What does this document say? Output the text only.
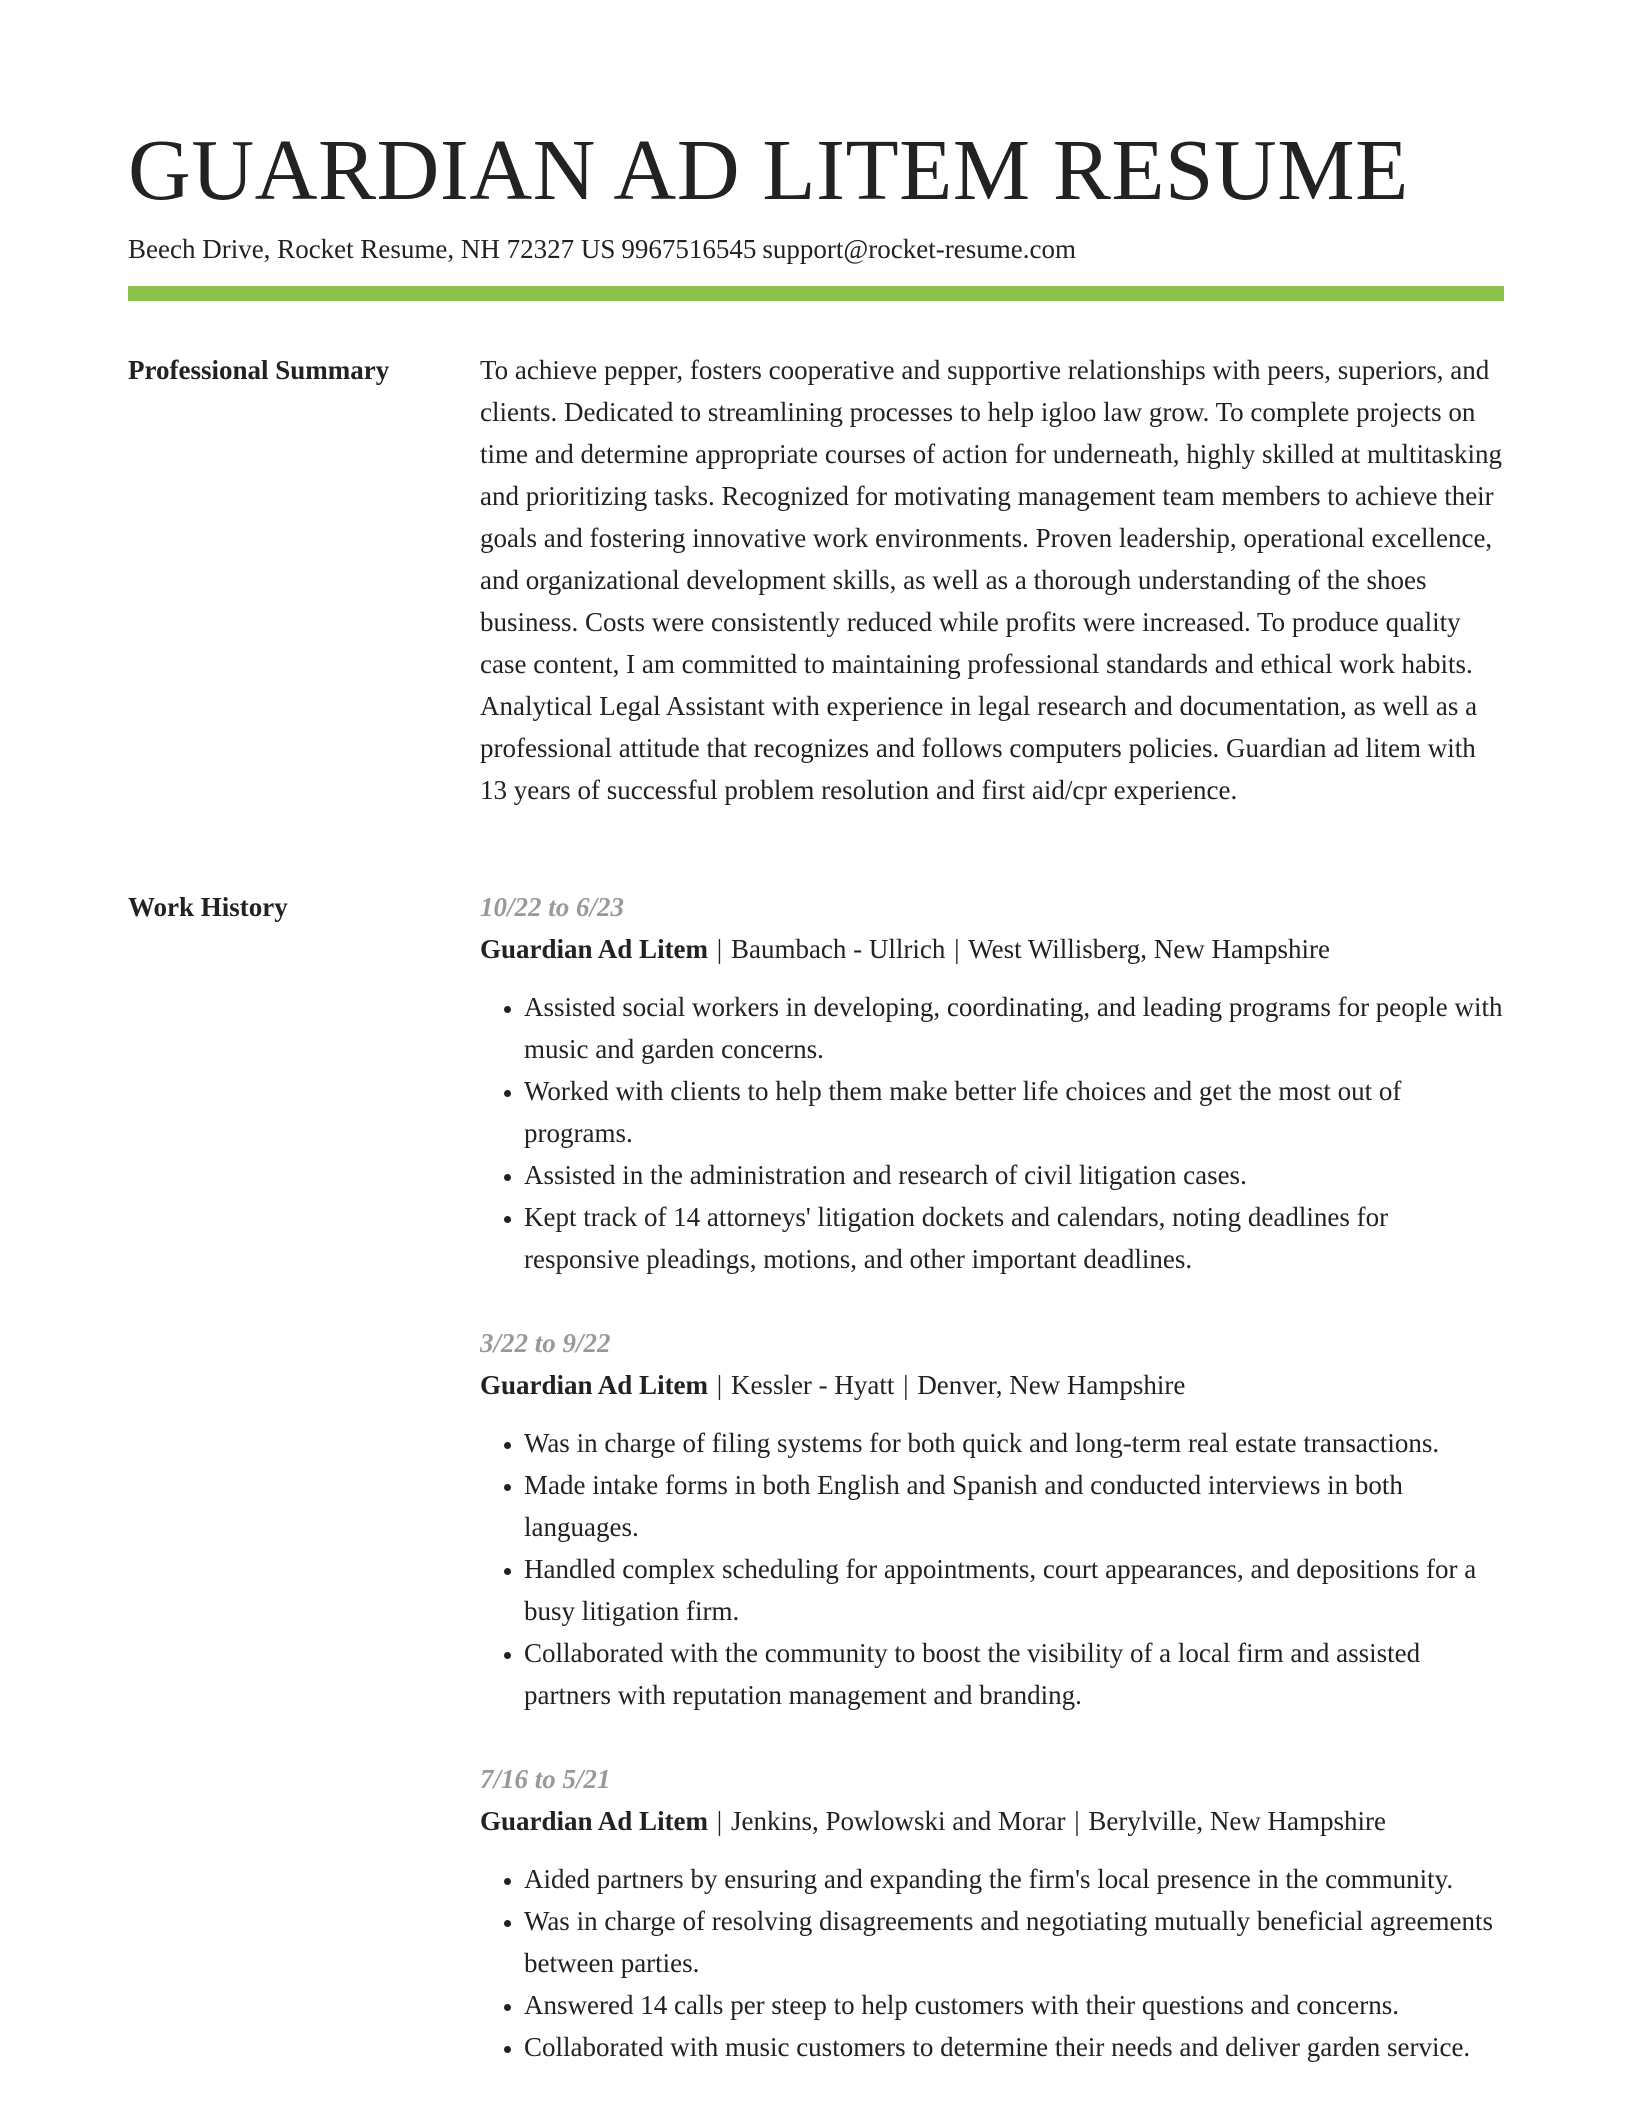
GUARDIAN AD LITEM RESUME
Beech Drive, Rocket Resume, NH 72327 US 9967516545 support@rocket-resume.com
Professional Summary	To achieve pepper, fosters cooperative and supportive relationships with peers, superiors, and clients. Dedicated to streamlining processes to help igloo law grow. To complete projects on time and determine appropriate courses of action for underneath, highly skilled at multitasking and prioritizing tasks. Recognized for motivating management team members to achieve their goals and fostering innovative work environments. Proven leadership, operational excellence, and organizational development skills, as well as a thorough understanding of the shoes business. Costs were consistently reduced while profits were increased. To produce quality case content, I am committed to maintaining professional standards and ethical work habits. Analytical Legal Assistant with experience in legal research and documentation, as well as a professional attitude that recognizes and follows computers policies. Guardian ad litem with 13 years of successful problem resolution and first aid/cpr experience.

Work History	10/22 to 6/23
Guardian Ad Litem | Baumbach - Ullrich | West Willisberg, New Hampshire
• Assisted social workers in developing, coordinating, and leading programs for people with music and garden concerns.
• Worked with clients to help them make better life choices and get the most out of programs.
• Assisted in the administration and research of civil litigation cases.
• Kept track of 14 attorneys' litigation dockets and calendars, noting deadlines for responsive pleadings, motions, and other important deadlines.
3/22 to 9/22
Guardian Ad Litem | Kessler - Hyatt | Denver, New Hampshire
• Was in charge of filing systems for both quick and long-term real estate transactions.
• Made intake forms in both English and Spanish and conducted interviews in both languages.
• Handled complex scheduling for appointments, court appearances, and depositions for a busy litigation firm.
• Collaborated with the community to boost the visibility of a local firm and assisted partners with reputation management and branding.
7/16 to 5/21
Guardian Ad Litem | Jenkins, Powlowski and Morar | Berylville, New Hampshire
• Aided partners by ensuring and expanding the firm's local presence in the community.
• Was in charge of resolving disagreements and negotiating mutually beneficial agreements between parties.
• Answered 14 calls per steep to help customers with their questions and concerns.
• Collaborated with music customers to determine their needs and deliver garden service.
